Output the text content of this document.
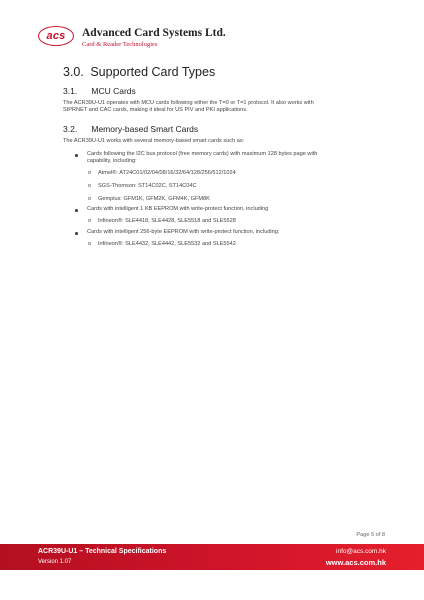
acs	Advanced Card Systems Ltd.
Card & Reader Technologies
3.0. Supported Card Types
3.1. MCU Cards
The ACR39U-U1 operates with MCU cards following either the T=0 or T=1 protocol. It also works with
SIPRNET and CAC cards, making it ideal for US PIV and PKI applications.
3.2. Memory-based Smart Cards
The ACR39U-U1 works with several memory-based smart cards such as:
Cards following the I2C bus protocol (free memory cards) with maximum 128 bytes page with
capability, including:
o Atmel®: AT24C01/02/04/08/16/32/64/128/256/512/1024
o SGS-Thomson: ST14C02C, ST14C04C
o Gemplus: GFM1K, GFM2K, GFM4K, GFM8K
Cards with intelligent 1 KB EEPROM with write-protect function, including
o Infineon®: SLE4418, SLE4428, SLE5518 and SLE5528
Cards with intelligent 256-byte EEPROM with write-protect function, including:
o Infineon®: SLE4432, SLE4442, SLE5532 and SLE5542
Page 5 of 8
ACR39U-U1 – Technical Specifications
Version 1.07
info@acs.com.hk
www.acs.com.hk
